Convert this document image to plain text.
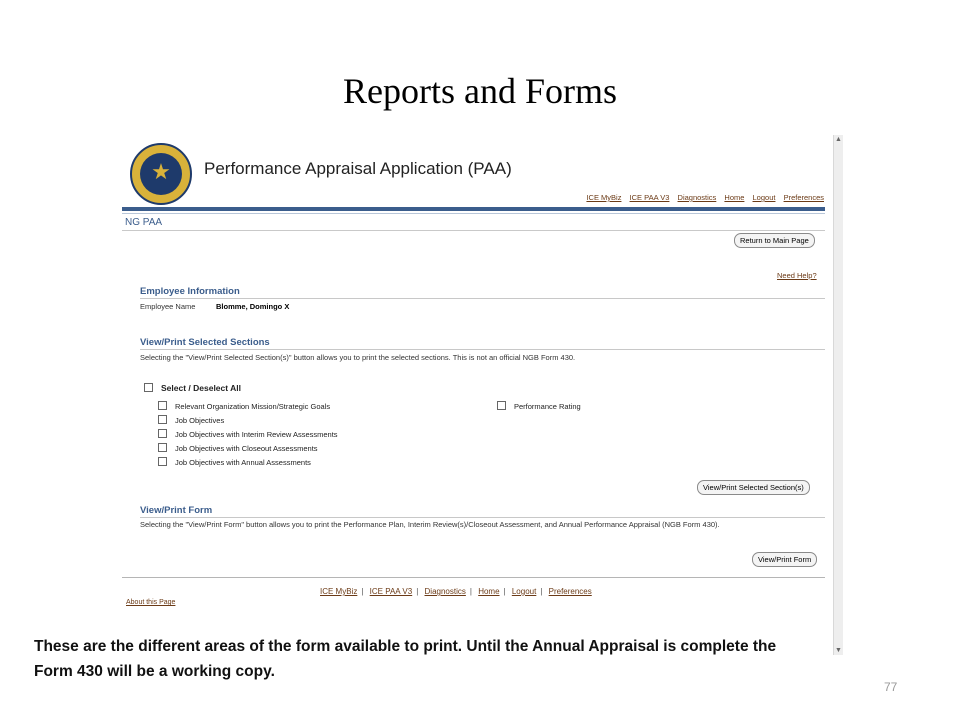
Reports and Forms
★ Performance Appraisal Application (PAA)
ICE MyBiz ICE PAA V3 Diagnostics Home Logout Preferences
NG PAA
Return to Main Page
Need Help?
Employee Information
Employee Name	Blomme, Domingo X
View/Print Selected Sections
Selecting the "View/Print Selected Section(s)" button allows you to print the selected sections. This is not an official NGB Form 430.
Select / Deselect All
Relevant Organization Mission/Strategic Goals
Job Objectives
Job Objectives with Interim Review Assessments
Job Objectives with Closeout Assessments
Job Objectives with Annual Assessments
Performance Rating
View/Print Selected Section(s)
View/Print Form
Selecting the "View/Print Form" button allows you to print the Performance Plan, Interim Review(s)/Closeout Assessment, and Annual Performance Appraisal (NGB Form 430).
View/Print Form
ICE MyBiz | ICE PAA V3 | Diagnostics | Home | Logout | Preferences
About this Page
▲
▼
These are the different areas of the form available to print. Until the Annual Appraisal is complete the Form 430 will be a working copy.
77
